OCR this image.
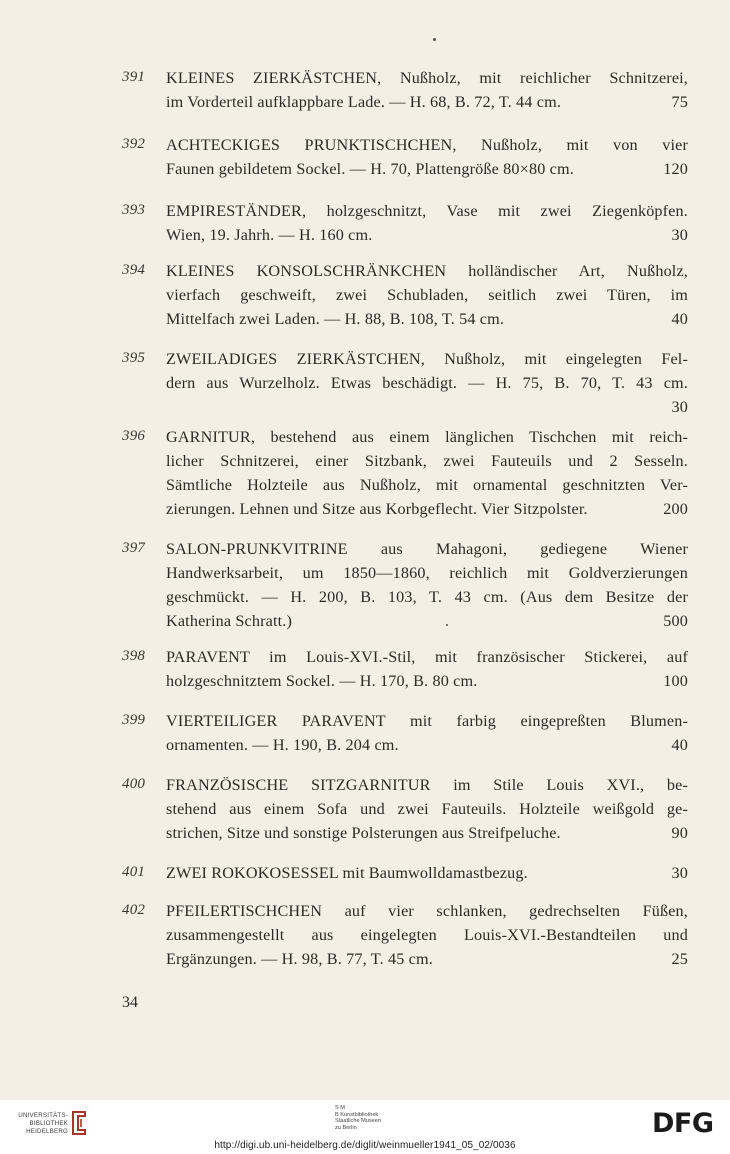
391 KLEINES ZIERKÄSTCHEN, Nußholz, mit reichlicher Schnitzerei,
im Vorderteil aufklappbare Lade. — H. 68, B. 72, T. 44 cm.	75
392 ACHTECKIGES PRUNKTISCHCHEN, Nußholz, mit von vier
Faunen gebildetem Sockel. — H. 70, Plattengröße 80×80 cm.	120
393 EMPIRESTÄNDER, holzgeschnitzt, Vase mit zwei Ziegenköpfen.
Wien, 19. Jahrh. — H. 160 cm.	30
394 KLEINES KONSOLSCHRÄNKCHEN holländischer Art, Nußholz,
vierfach geschweift, zwei Schubladen, seitlich zwei Türen, im
Mittelfach zwei Laden. — H. 88, B. 108, T. 54 cm.	40
395 ZWEILADIGES ZIERKÄSTCHEN, Nußholz, mit eingelegten Fel-
dern aus Wurzelholz. Etwas beschädigt. — H. 75, B. 70, T. 43 cm.
30
396 GARNITUR, bestehend aus einem länglichen Tischchen mit reich-
licher Schnitzerei, einer Sitzbank, zwei Fauteuils und 2 Sesseln.
Sämtliche Holzteile aus Nußholz, mit ornamental geschnitzten Ver-
zierungen. Lehnen und Sitze aus Korbgeflecht. Vier Sitzpolster.	200
397 SALON-PRUNKVITRINE aus Mahagoni, gediegene Wiener
Handwerksarbeit, um 1850—1860, reichlich mit Goldverzierungen
geschmückt. — H. 200, B. 103, T. 43 cm. (Aus dem Besitze der
Katherina Schratt.)	500
398 PARAVENT im Louis-XVI.-Stil, mit französischer Stickerei, auf
holzgeschnitztem Sockel. — H. 170, B. 80 cm.	100
399 VIERTEILIGER PARAVENT mit farbig eingepreßten Blumen-
ornamenten. — H. 190, B. 204 cm.	40
400 FRANZÖSISCHE SITZGARNITUR im Stile Louis XVI., be-
stehend aus einem Sofa und zwei Fauteuils. Holzteile weißgold ge-
strichen, Sitze und sonstige Polsterungen aus Streifpeluche.	90
401 ZWEI ROKOKOSESSEL mit Baumwolldamastbezug.	30
402 PFEILERTISCHCHEN auf vier schlanken, gedrechselten Füßen,
zusammengestellt aus eingelegten Louis-XVI.-Bestandteilen und
Ergänzungen. — H. 98, B. 77, T. 45 cm.	25
34
UNIVERSITÄTS-
BIBLIOTHEK
HEIDELBERG
S M
B Kunstbibliothek
Staatliche Museen
zu Berlin	DFG
http://digi.ub.uni-heidelberg.de/diglit/weinmueller1941_05_02/0036
